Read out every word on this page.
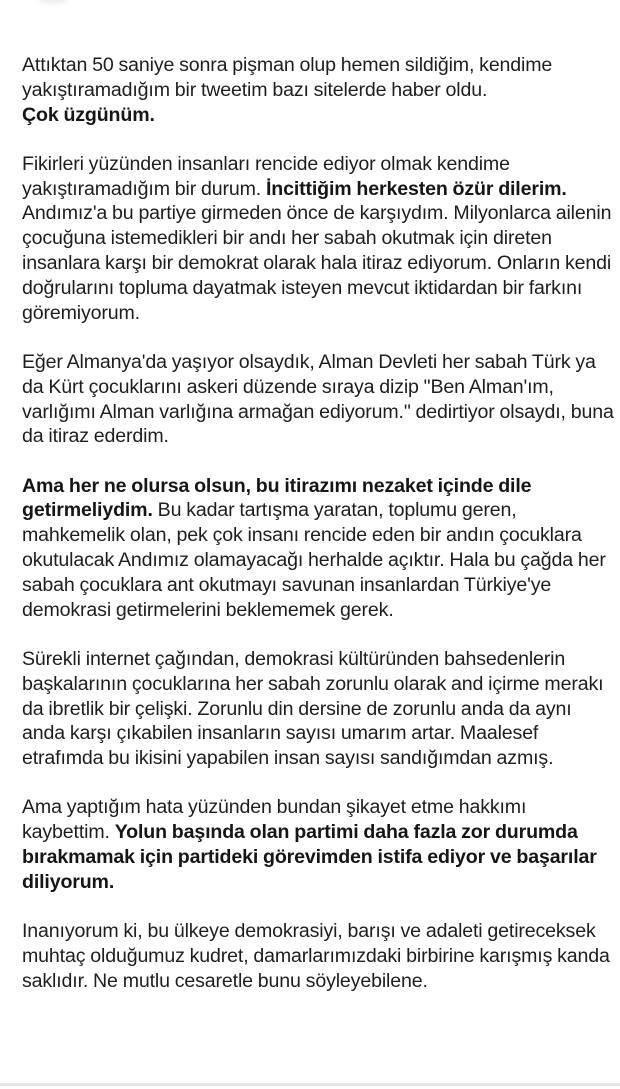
Attıktan 50 saniye sonra pişman olup hemen sildiğim, kendime yakıştıramadığım bir tweetim bazı sitelerde haber oldu.
Çok üzgünüm.

Fikirleri yüzünden insanları rencide ediyor olmak kendime yakıştıramadığım bir durum. İncittiğim herkesten özür dilerim. Andımız'a bu partiye girmeden önce de karşıydım. Milyonlarca ailenin çocuğuna istemedikleri bir andı her sabah okutmak için direten insanlara karşı bir demokrat olarak hala itiraz ediyorum. Onların kendi doğrularını topluma dayatmak isteyen mevcut iktidardan bir farkını göremiyorum.

Eğer Almanya'da yaşıyor olsaydık, Alman Devleti her sabah Türk ya da Kürt çocuklarını askeri düzende sıraya dizip "Ben Alman'ım, varlığımı Alman varlığına armağan ediyorum." dedirtiyor olsaydı, buna da itiraz ederdim.

Ama her ne olursa olsun, bu itirazımı nezaket içinde dile getirmeliydim. Bu kadar tartışma yaratan, toplumu geren, mahkemelik olan, pek çok insanı rencide eden bir andın çocuklara okutulacak Andımız olamayacağı herhalde açıktır. Hala bu çağda her sabah çocuklara ant okutmayı savunan insanlardan Türkiye'ye demokrasi getirmelerini beklememek gerek.

Sürekli internet çağından, demokrasi kültüründen bahsedenlerin başkalarının çocuklarına her sabah zorunlu olarak and içirme merakı da ibretlik bir çelişki. Zorunlu din dersine de zorunlu anda da aynı anda karşı çıkabilen insanların sayısı umarım artar. Maalesef etrafımda bu ikisini yapabilen insan sayısı sandığımdan azmış.

Ama yaptığım hata yüzünden bundan şikayet etme hakkımı kaybettim. Yolun başında olan partimi daha fazla zor durumda bırakmamak için partideki görevimden istifa ediyor ve başarılar diliyorum.

Inanıyorum ki, bu ülkeye demokrasiyi, barışı ve adaleti getireceksek muhtaç olduğumuz kudret, damarlarımızdaki birbirine karışmış kanda saklıdır. Ne mutlu cesaretle bunu söyleyebilene.
